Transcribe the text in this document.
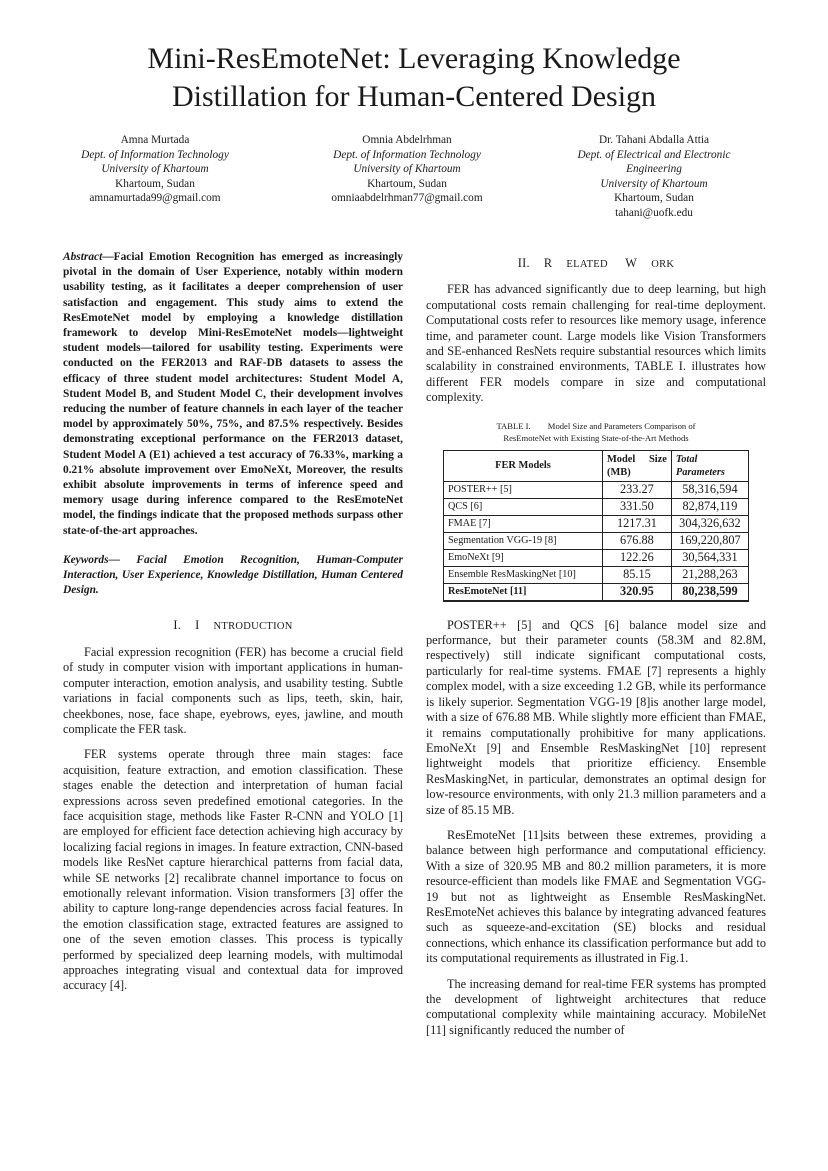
Mini-ResEmoteNet: Leveraging Knowledge
Distillation for Human-Centered Design
Amna Murtada
Dept. of Information Technology
University of Khartoum
Khartoum, Sudan
amnamurtada99@gmail.com
Omnia Abdelrhman
Dept. of Information Technology
University of Khartoum
Khartoum, Sudan
omniaabdelrhman77@gmail.com
Dr. Tahani Abdalla Attia
Dept. of Electrical and Electronic Engineering
University of Khartoum
Khartoum, Sudan
tahani@uofk.edu

Abstract—Facial Emotion Recognition has emerged as increasingly pivotal in the domain of User Experience, notably within modern usability testing, as it facilitates a deeper comprehension of user satisfaction and engagement. This study aims to extend the ResEmoteNet model by employing a knowledge distillation framework to develop Mini-ResEmoteNet models—lightweight student models—tailored for usability testing. Experiments were conducted on the FER2013 and RAF-DB datasets to assess the efficacy of three student model architectures: Student Model A, Student Model B, and Student Model C, their development involves reducing the number of feature channels in each layer of the teacher model by approximately 50%, 75%, and 87.5% respectively. Besides demonstrating exceptional performance on the FER2013 dataset, Student Model A (E1) achieved a test accuracy of 76.33%, marking a 0.21% absolute improvement over EmoNeXt, Moreover, the results exhibit absolute improvements in terms of inference speed and memory usage during inference compared to the ResEmoteNet model, the findings indicate that the proposed methods surpass other state-of-the-art approaches.

Keywords— Facial Emotion Recognition, Human-Computer Interaction, User Experience, Knowledge Distillation, Human Centered Design.

I. I NTRODUCTION

Facial expression recognition (FER) has become a crucial field of study in computer vision with important applications in human-computer interaction, emotion analysis, and usability testing. Subtle variations in facial components such as lips, teeth, skin, hair, cheekbones, nose, face shape, eyebrows, eyes, jawline, and mouth complicate the FER task.

FER systems operate through three main stages: face acquisition, feature extraction, and emotion classification. These stages enable the detection and interpretation of human facial expressions across seven predefined emotional categories. In the face acquisition stage, methods like Faster R-CNN and YOLO [1] are employed for efficient face detection achieving high accuracy by localizing facial regions in images. In feature extraction, CNN-based models like ResNet capture hierarchical patterns from facial data, while SE networks [2] recalibrate channel importance to focus on emotionally relevant information. Vision transformers [3] offer the ability to capture long-range dependencies across facial features. In the emotion classification stage, extracted features are assigned to one of the seven emotion classes. This process is typically performed by specialized deep learning models, with multimodal approaches integrating visual and contextual data for improved accuracy [4].

II. R ELATED W ORK

FER has advanced significantly due to deep learning, but high computational costs remain challenging for real-time deployment. Computational costs refer to resources like memory usage, inference time, and parameter count. Large models like Vision Transformers and SE-enhanced ResNets require substantial resources which limits scalability in constrained environments, TABLE I. illustrates how different FER models compare in size and computational complexity.

TABLE I.        Model Size and Parameters Comparison of
ResEmoteNet with Existing State-of-the-Art Methods
FER Models	Model Size (MB)	Total Parameters
POSTER++ [5]	233.27	58,316,594
QCS [6]	331.50	82,874,119
FMAE [7]	1217.31	304,326,632
Segmentation VGG-19 [8]	676.88	169,220,807
EmoNeXt [9]	122.26	30,564,331
Ensemble ResMaskingNet [10]	85.15	21,288,263
ResEmoteNet [11]	320.95	80,238,599

POSTER++ [5] and QCS [6] balance model size and performance, but their parameter counts (58.3M and 82.8M, respectively) still indicate significant computational costs, particularly for real-time systems. FMAE [7] represents a highly complex model, with a size exceeding 1.2 GB, while its performance is likely superior. Segmentation VGG-19 [8]is another large model, with a size of 676.88 MB. While slightly more efficient than FMAE, it remains computationally prohibitive for many applications. EmoNeXt [9] and Ensemble ResMaskingNet [10] represent lightweight models that prioritize efficiency. Ensemble ResMaskingNet, in particular, demonstrates an optimal design for low-resource environments, with only 21.3 million parameters and a size of 85.15 MB.

ResEmoteNet [11]sits between these extremes, providing a balance between high performance and computational efficiency. With a size of 320.95 MB and 80.2 million parameters, it is more resource-efficient than models like FMAE and Segmentation VGG-19 but not as lightweight as Ensemble ResMaskingNet. ResEmoteNet achieves this balance by integrating advanced features such as squeeze-and-excitation (SE) blocks and residual connections, which enhance its classification performance but add to its computational requirements as illustrated in Fig.1.

The increasing demand for real-time FER systems has prompted the development of lightweight architectures that reduce computational complexity while maintaining accuracy. MobileNet [11] significantly reduced the number of
